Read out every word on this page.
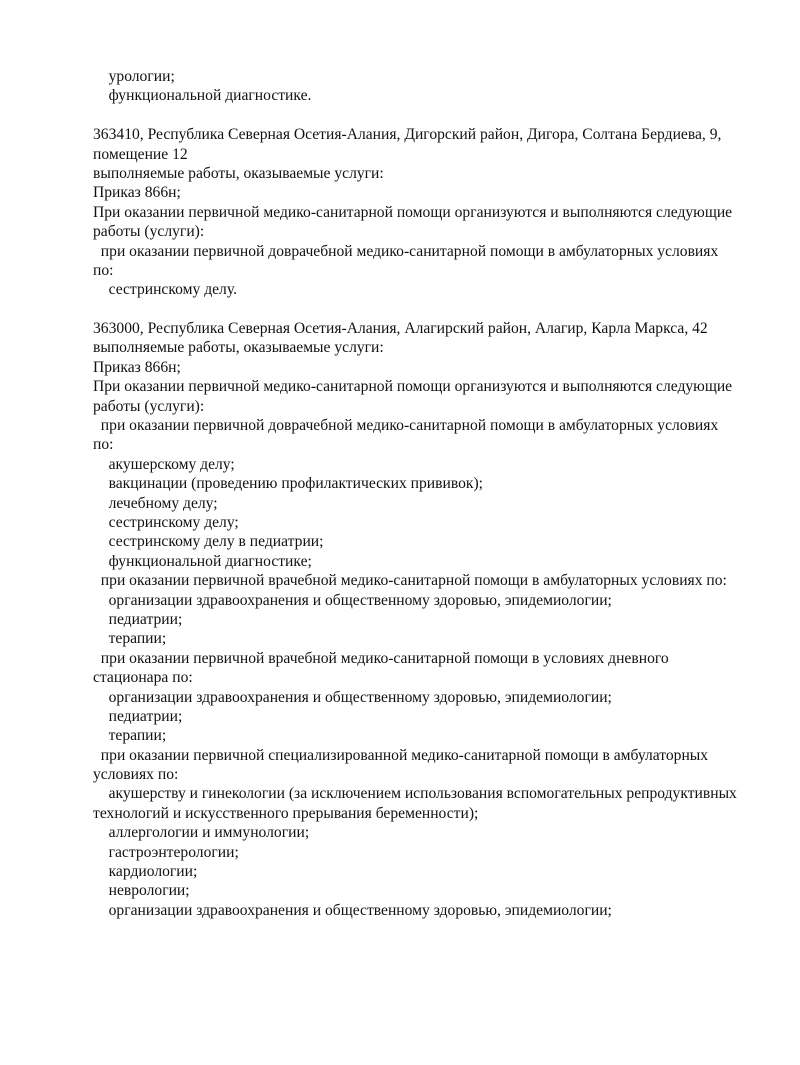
урологии;
функциональной диагностике.
363410, Республика Северная Осетия-Алания, Дигорский район, Дигора, Солтана Бердиева, 9,
помещение 12
выполняемые работы, оказываемые услуги:
Приказ 866н;
При оказании первичной медико-санитарной помощи организуются и выполняются следующие
работы (услуги):
при оказании первичной доврачебной медико-санитарной помощи в амбулаторных условиях
по:
сестринскому делу.
363000, Республика Северная Осетия-Алания, Алагирский район, Алагир, Карла Маркса, 42
выполняемые работы, оказываемые услуги:
Приказ 866н;
При оказании первичной медико-санитарной помощи организуются и выполняются следующие
работы (услуги):
при оказании первичной доврачебной медико-санитарной помощи в амбулаторных условиях
по:
акушерскому делу;
вакцинации (проведению профилактических прививок);
лечебному делу;
сестринскому делу;
сестринскому делу в педиатрии;
функциональной диагностике;
при оказании первичной врачебной медико-санитарной помощи в амбулаторных условиях по:
организации здравоохранения и общественному здоровью, эпидемиологии;
педиатрии;
терапии;
при оказании первичной врачебной медико-санитарной помощи в условиях дневного
стационара по:
организации здравоохранения и общественному здоровью, эпидемиологии;
педиатрии;
терапии;
при оказании первичной специализированной медико-санитарной помощи в амбулаторных
условиях по:
акушерству и гинекологии (за исключением использования вспомогательных репродуктивных
технологий и искусственного прерывания беременности);
аллергологии и иммунологии;
гастроэнтерологии;
кардиологии;
неврологии;
организации здравоохранения и общественному здоровью, эпидемиологии;
